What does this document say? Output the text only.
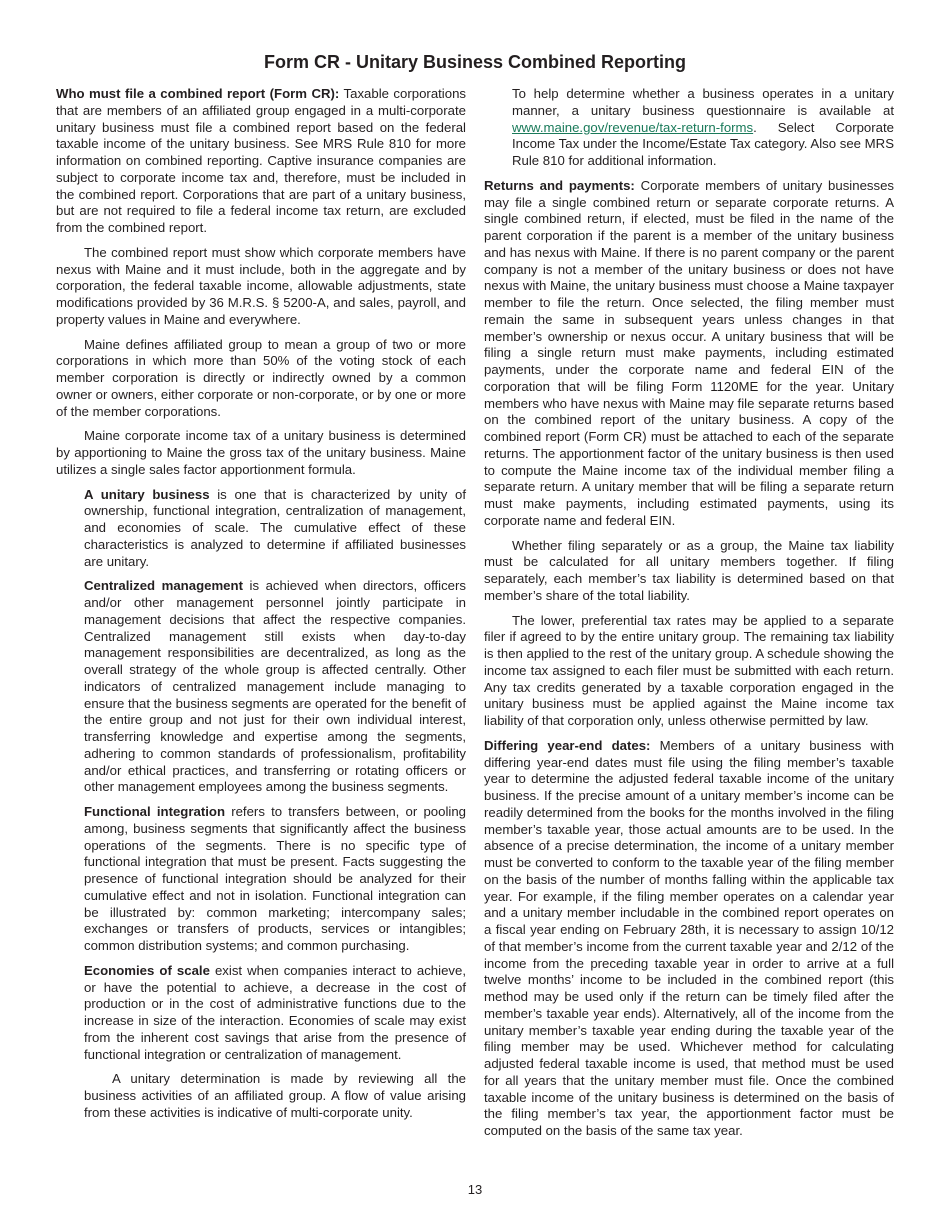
Form CR - Unitary Business Combined Reporting

Who must file a combined report (Form CR): Taxable corporations that are members of an affiliated group engaged in a multi-corporate unitary business must file a combined report based on the federal taxable income of the unitary business. See MRS Rule 810 for more information on combined reporting. Captive insurance companies are subject to corporate income tax and, therefore, must be included in the combined report. Corporations that are part of a unitary business, but are not required to file a federal income tax return, are excluded from the combined report.

The combined report must show which corporate members have nexus with Maine and it must include, both in the aggregate and by corporation, the federal taxable income, allowable adjustments, state modifications provided by 36 M.R.S. § 5200-A, and sales, payroll, and property values in Maine and everywhere.

Maine defines affiliated group to mean a group of two or more corporations in which more than 50% of the voting stock of each member corporation is directly or indirectly owned by a common owner or owners, either corporate or non-corporate, or by one or more of the member corporations.

Maine corporate income tax of a unitary business is determined by apportioning to Maine the gross tax of the unitary business. Maine utilizes a single sales factor apportionment formula.

A unitary business is one that is characterized by unity of ownership, functional integration, centralization of management, and economies of scale. The cumulative effect of these characteristics is analyzed to determine if affiliated businesses are unitary.

Centralized management is achieved when directors, officers and/or other management personnel jointly participate in management decisions that affect the respective companies. Centralized management still exists when day-to-day management responsibilities are decentralized, as long as the overall strategy of the whole group is affected centrally. Other indicators of centralized management include managing to ensure that the business segments are operated for the benefit of the entire group and not just for their own individual interest, transferring knowledge and expertise among the segments, adhering to common standards of professionalism, profitability and/or ethical practices, and transferring or rotating officers or other management employees among the business segments.

Functional integration refers to transfers between, or pooling among, business segments that significantly affect the business operations of the segments. There is no specific type of functional integration that must be present. Facts suggesting the presence of functional integration should be analyzed for their cumulative effect and not in isolation. Functional integration can be illustrated by: common marketing; intercompany sales; exchanges or transfers of products, services or intangibles; common distribution systems; and common purchasing.

Economies of scale exist when companies interact to achieve, or have the potential to achieve, a decrease in the cost of production or in the cost of administrative functions due to the increase in size of the interaction. Economies of scale may exist from the inherent cost savings that arise from the presence of functional integration or centralization of management.

A unitary determination is made by reviewing all the business activities of an affiliated group. A flow of value arising from these activities is indicative of multi-corporate unity.

To help determine whether a business operates in a unitary manner, a unitary business questionnaire is available at www.maine.gov/revenue/tax-return-forms. Select Corporate Income Tax under the Income/Estate Tax category. Also see MRS Rule 810 for additional information.

Returns and payments: Corporate members of unitary businesses may file a single combined return or separate corporate returns. A single combined return, if elected, must be filed in the name of the parent corporation if the parent is a member of the unitary business and has nexus with Maine. If there is no parent company or the parent company is not a member of the unitary business or does not have nexus with Maine, the unitary business must choose a Maine taxpayer member to file the return. Once selected, the filing member must remain the same in subsequent years unless changes in that member’s ownership or nexus occur. A unitary business that will be filing a single return must make payments, including estimated payments, under the corporate name and federal EIN of the corporation that will be filing Form 1120ME for the year. Unitary members who have nexus with Maine may file separate returns based on the combined report of the unitary business. A copy of the combined report (Form CR) must be attached to each of the separate returns. The apportionment factor of the unitary business is then used to compute the Maine income tax of the individual member filing a separate return. A unitary member that will be filing a separate return must make payments, including estimated payments, using its corporate name and federal EIN.

Whether filing separately or as a group, the Maine tax liability must be calculated for all unitary members together. If filing separately, each member’s tax liability is determined based on that member’s share of the total liability.

The lower, preferential tax rates may be applied to a separate filer if agreed to by the entire unitary group. The remaining tax liability is then applied to the rest of the unitary group. A schedule showing the income tax assigned to each filer must be submitted with each return. Any tax credits generated by a taxable corporation engaged in the unitary business must be applied against the Maine income tax liability of that corporation only, unless otherwise permitted by law.

Differing year-end dates: Members of a unitary business with differing year-end dates must file using the filing member’s taxable year to determine the adjusted federal taxable income of the unitary business. If the precise amount of a unitary member’s income can be readily determined from the books for the months involved in the filing member’s taxable year, those actual amounts are to be used. In the absence of a precise determination, the income of a unitary member must be converted to conform to the taxable year of the filing member on the basis of the number of months falling within the applicable tax year. For example, if the filing member operates on a calendar year and a unitary member includable in the combined report operates on a fiscal year ending on February 28th, it is necessary to assign 10/12 of that member’s income from the current taxable year and 2/12 of the income from the preceding taxable year in order to arrive at a full twelve months’ income to be included in the combined report (this method may be used only if the return can be timely filed after the member’s taxable year ends). Alternatively, all of the income from the unitary member’s taxable year ending during the taxable year of the filing member may be used. Whichever method for calculating adjusted federal taxable income is used, that method must be used for all years that the unitary member must file. Once the combined taxable income of the unitary business is determined on the basis of the filing member’s tax year, the apportionment factor must be computed on the basis of the same tax year.

13
